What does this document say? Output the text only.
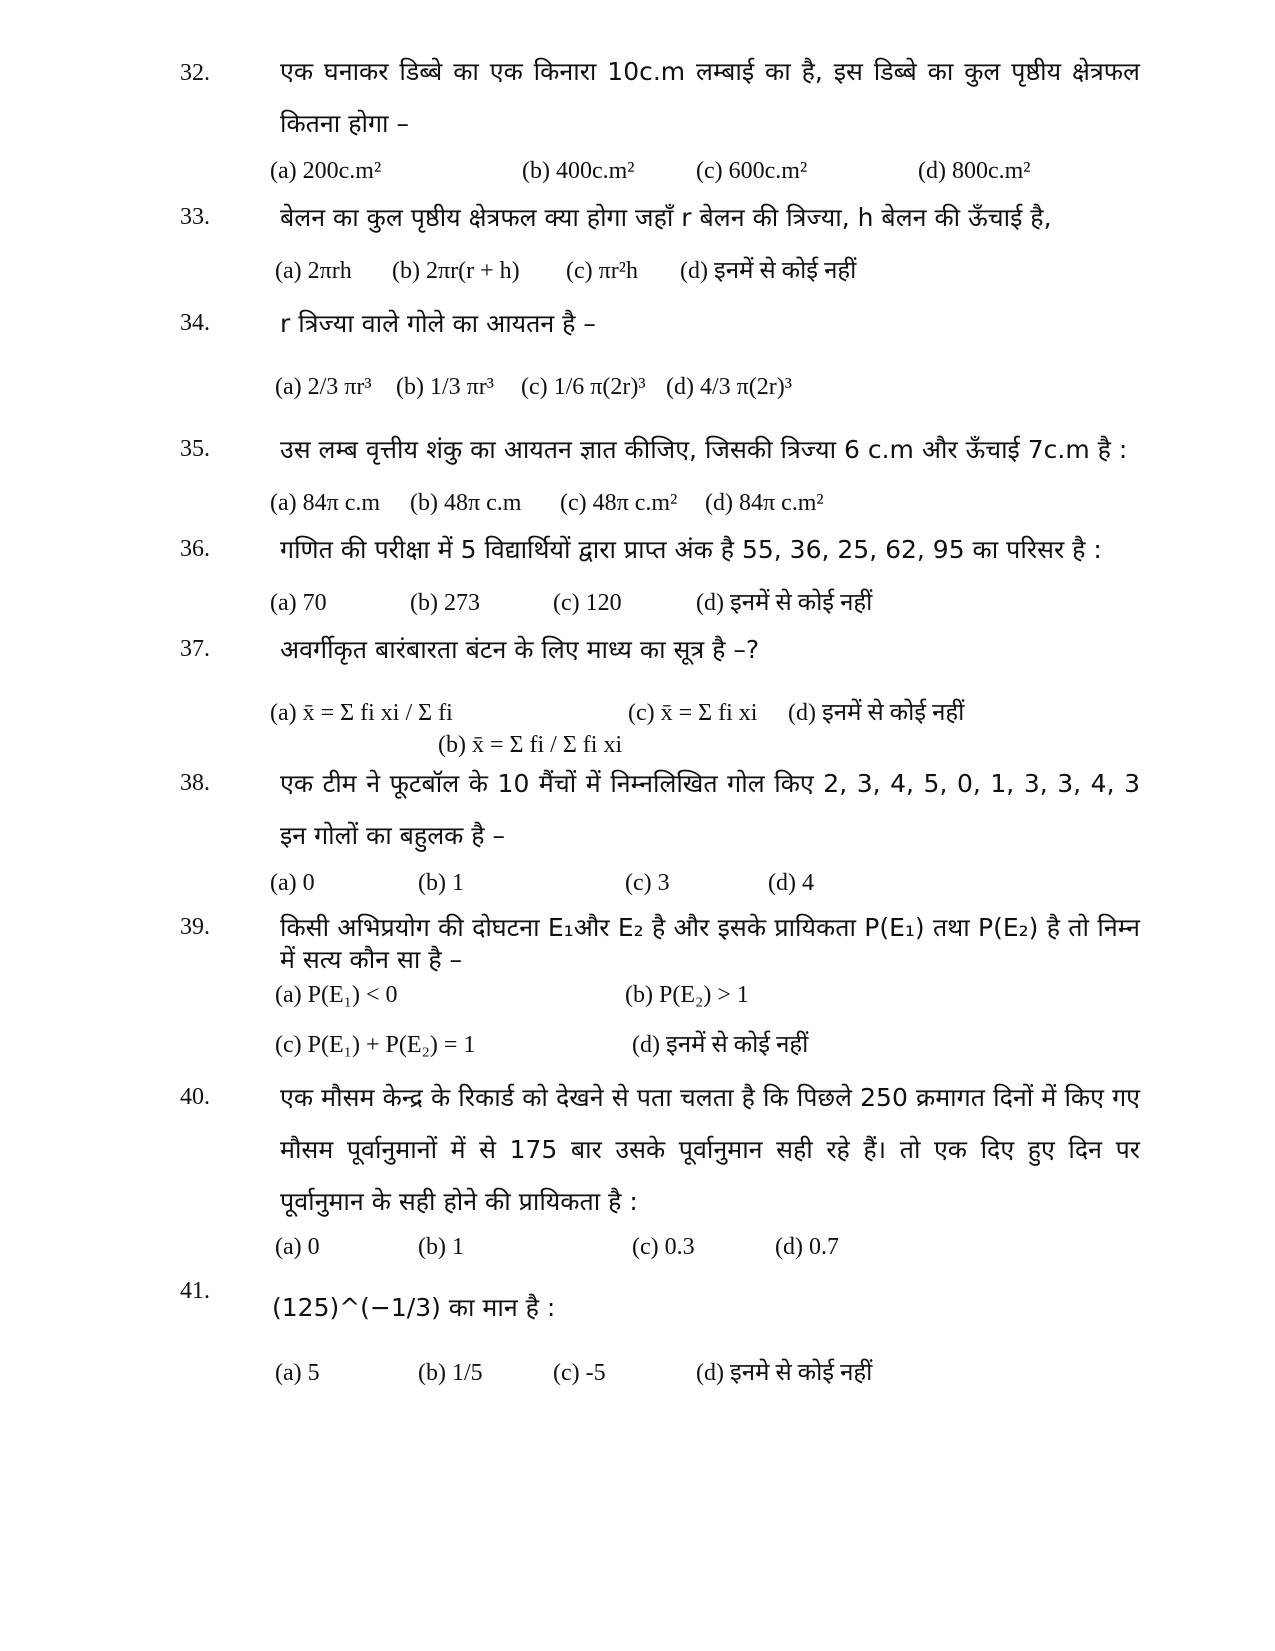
32.	एक घनाकर डिब्बे का एक किनारा 10c.m लम्बाई का है, इस डिब्बे का कुल पृष्ठीय क्षेत्रफल कितना होगा –
(a) 200c.m²	(b) 400c.m²	(c) 600c.m²	(d) 800c.m²
33.	बेलन का कुल पृष्ठीय क्षेत्रफल क्या होगा जहाँ r बेलन की त्रिज्या, h बेलन की ऊँचाई है,
(a) 2πrh (b) 2πr(r + h) (c) πr²h (d) इनमें से कोई नहीं
34.	r त्रिज्या वाले गोले का आयतन है –
(a) 2/3 πr³ (b) 1/3 πr³ (c) 1/6 π(2r)³ (d) 4/3 π(2r)³
35.	उस लम्ब वृत्तीय शंकु का आयतन ज्ञात कीजिए, जिसकी त्रिज्या 6 c.m और ऊँचाई 7c.m है :
(a) 84π c.m (b) 48π c.m (c) 48π c.m² (d) 84π c.m²
36.	गणित की परीक्षा में 5 विद्यार्थियों द्वारा प्राप्त अंक है 55, 36, 25, 62, 95 का परिसर है :
(a) 70	(b) 273	(c) 120	(d) इनमें से कोई नहीं
37.	अवर्गीकृत बारंबारता बंटन के लिए माध्य का सूत्र है –?
(a) x̄ = Σ fi xi / Σ fi
(b) x̄ = Σ fi / Σ fi xi
(c) x̄ = Σ fi xi (d) इनमें से कोई नहीं
38.	एक टीम ने फूटबॉल के 10 मैंचों में निम्नलिखित गोल किए 2, 3, 4, 5, 0, 1, 3, 3, 4, 3 इन गोलों का बहुलक है –
(a) 0	(b) 1	(c) 3	(d) 4
39.	किसी अभिप्रयोग की दोघटना E₁और E₂ है और इसके प्रायिकता P(E₁) तथा P(E₂) है तो निम्न में सत्य कौन सा है –
(a) P(E₁) < 0	(b) P(E₂) > 1
(c) P(E₁) + P(E₂) = 1	(d) इनमें से कोई नहीं
40.	एक मौसम केन्द्र के रिकार्ड को देखने से पता चलता है कि पिछले 250 क्रमागत दिनों में किए गए मौसम पूर्वानुमानों में से 175 बार उसके पूर्वानुमान सही रहे हैं। तो एक दिए हुए दिन पर पूर्वानुमान के सही होने की प्रायिकता है :
(a) 0	(b) 1	(c) 0.3	(d) 0.7
41.
(125)^(−1/3) का मान है :
(a) 5	(b) 1/5	(c) -5	(d) इनमे से कोई नहीं
